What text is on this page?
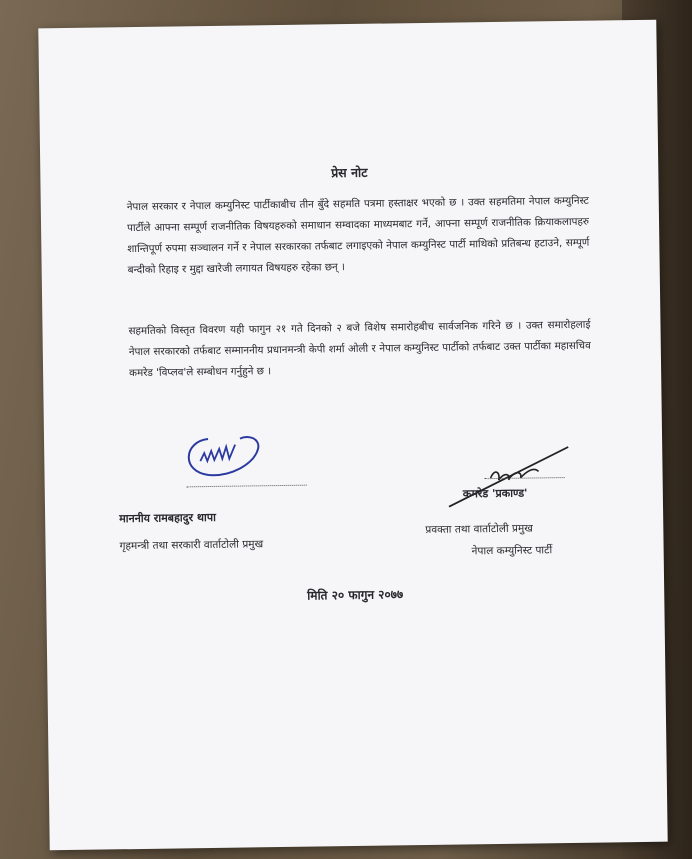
प्रेस नोट
नेपाल सरकार र नेपाल कम्युनिस्ट पार्टीकाबीच तीन बुँदे सहमति पत्रमा हस्ताक्षर भएको छ । उक्त सहमतिमा नेपाल कम्युनिस्ट पार्टीले आफ्ना सम्पूर्ण राजनीतिक विषयहरुको समाधान सम्वादका माध्यमबाट गर्ने, आफ्ना सम्पूर्ण राजनीतिक क्रियाकलापहरु शान्तिपूर्ण रुपमा सञ्चालन गर्ने र नेपाल सरकारका तर्फबाट लगाइएको नेपाल कम्युनिस्ट पार्टी माथिको प्रतिबन्ध हटाउने, सम्पूर्ण बन्दीको रिहाइ र मुद्दा खारेजी लगायत विषयहरु रहेका छन् ।
सहमतिको विस्तृत विवरण यही फागुन २१ गते दिनको २ बजे विशेष समारोहबीच सार्वजनिक गरिने छ । उक्त समारोहलाई नेपाल सरकारको तर्फबाट सम्माननीय प्रधानमन्त्री केपी शर्मा ओली र नेपाल कम्युनिस्ट पार्टीको तर्फबाट उक्त पार्टीका महासचिव कमरेड 'विप्लव'ले सम्बोधन गर्नुहुने छ ।
माननीय रामबहादुर थापा
गृहमन्त्री तथा सरकारी वार्ताटोली प्रमुख
कमरेड 'प्रकाण्ड'
प्रवक्ता तथा वार्ताटोली प्रमुख
नेपाल कम्युनिस्ट पार्टी
मिति २० फागुन २०७७
